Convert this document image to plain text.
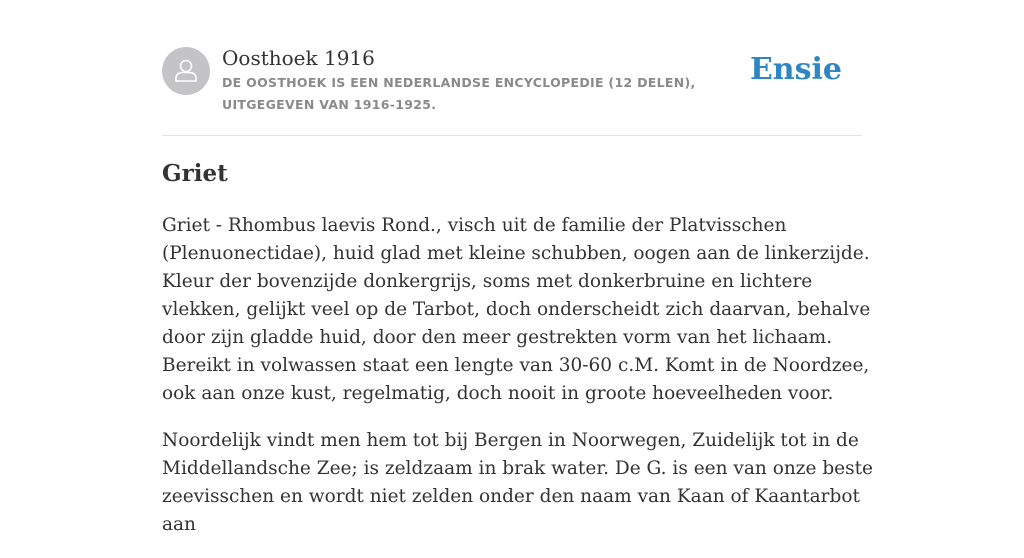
Oosthoek 1916
DE OOSTHOEK IS EEN NEDERLANDSE ENCYCLOPEDIE (12 DELEN), UITGEGEVEN VAN 1916-1925.
Ensie
Griet

Griet - Rhombus laevis Rond., visch uit de familie der Platvisschen (Plenuonectidae), huid glad met kleine schubben, oogen aan de linkerzijde. Kleur der bovenzijde donkergrijs, soms met donkerbruine en lichtere vlekken, gelijkt veel op de Tarbot, doch onderscheidt zich daarvan, behalve door zijn gladde huid, door den meer gestrekten vorm van het lichaam. Bereikt in volwassen staat een lengte van 30-60 c.M. Komt in de Noordzee, ook aan onze kust, regelmatig, doch nooit in groote hoeveelheden voor.

Noordelijk vindt men hem tot bij Bergen in Noorwegen, Zuidelijk tot in de Middellandsche Zee; is zeldzaam in brak water. De G. is een van onze beste zeevisschen en wordt niet zelden onder den naam van Kaan of Kaantarbot aan
